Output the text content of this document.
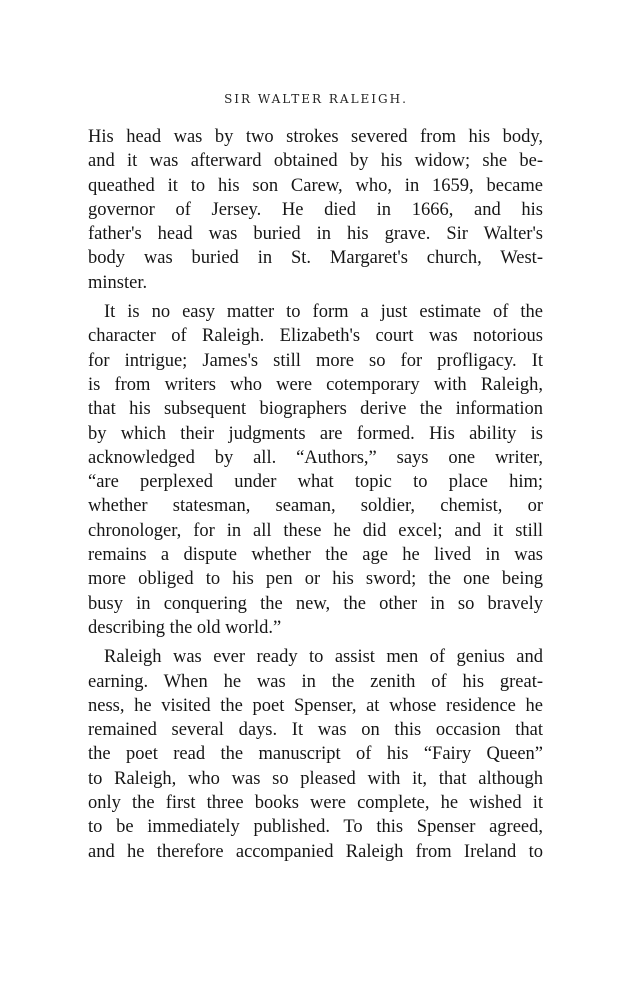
SIR WALTER RALEIGH.
His head was by two strokes severed from his body,
and it was afterward obtained by his widow; she be-
queathed it to his son Carew, who, in 1659, became
governor of Jersey. He died in 1666, and his
father's head was buried in his grave. Sir Walter's
body was buried in St. Margaret's church, West-
minster.
It is no easy matter to form a just estimate of the
character of Raleigh. Elizabeth's court was notorious
for intrigue; James's still more so for profligacy. It
is from writers who were cotemporary with Raleigh,
that his subsequent biographers derive the information
by which their judgments are formed. His ability is
acknowledged by all. “Authors,” says one writer,
“are perplexed under what topic to place him;
whether statesman, seaman, soldier, chemist, or
chronologer, for in all these he did excel; and it still
remains a dispute whether the age he lived in was
more obliged to his pen or his sword; the one being
busy in conquering the new, the other in so bravely
describing the old world.”
Raleigh was ever ready to assist men of genius and
earning. When he was in the zenith of his great-
ness, he visited the poet Spenser, at whose residence he
remained several days. It was on this occasion that
the poet read the manuscript of his “Fairy Queen”
to Raleigh, who was so pleased with it, that although
only the first three books were complete, he wished it
to be immediately published. To this Spenser agreed,
and he therefore accompanied Raleigh from Ireland to
